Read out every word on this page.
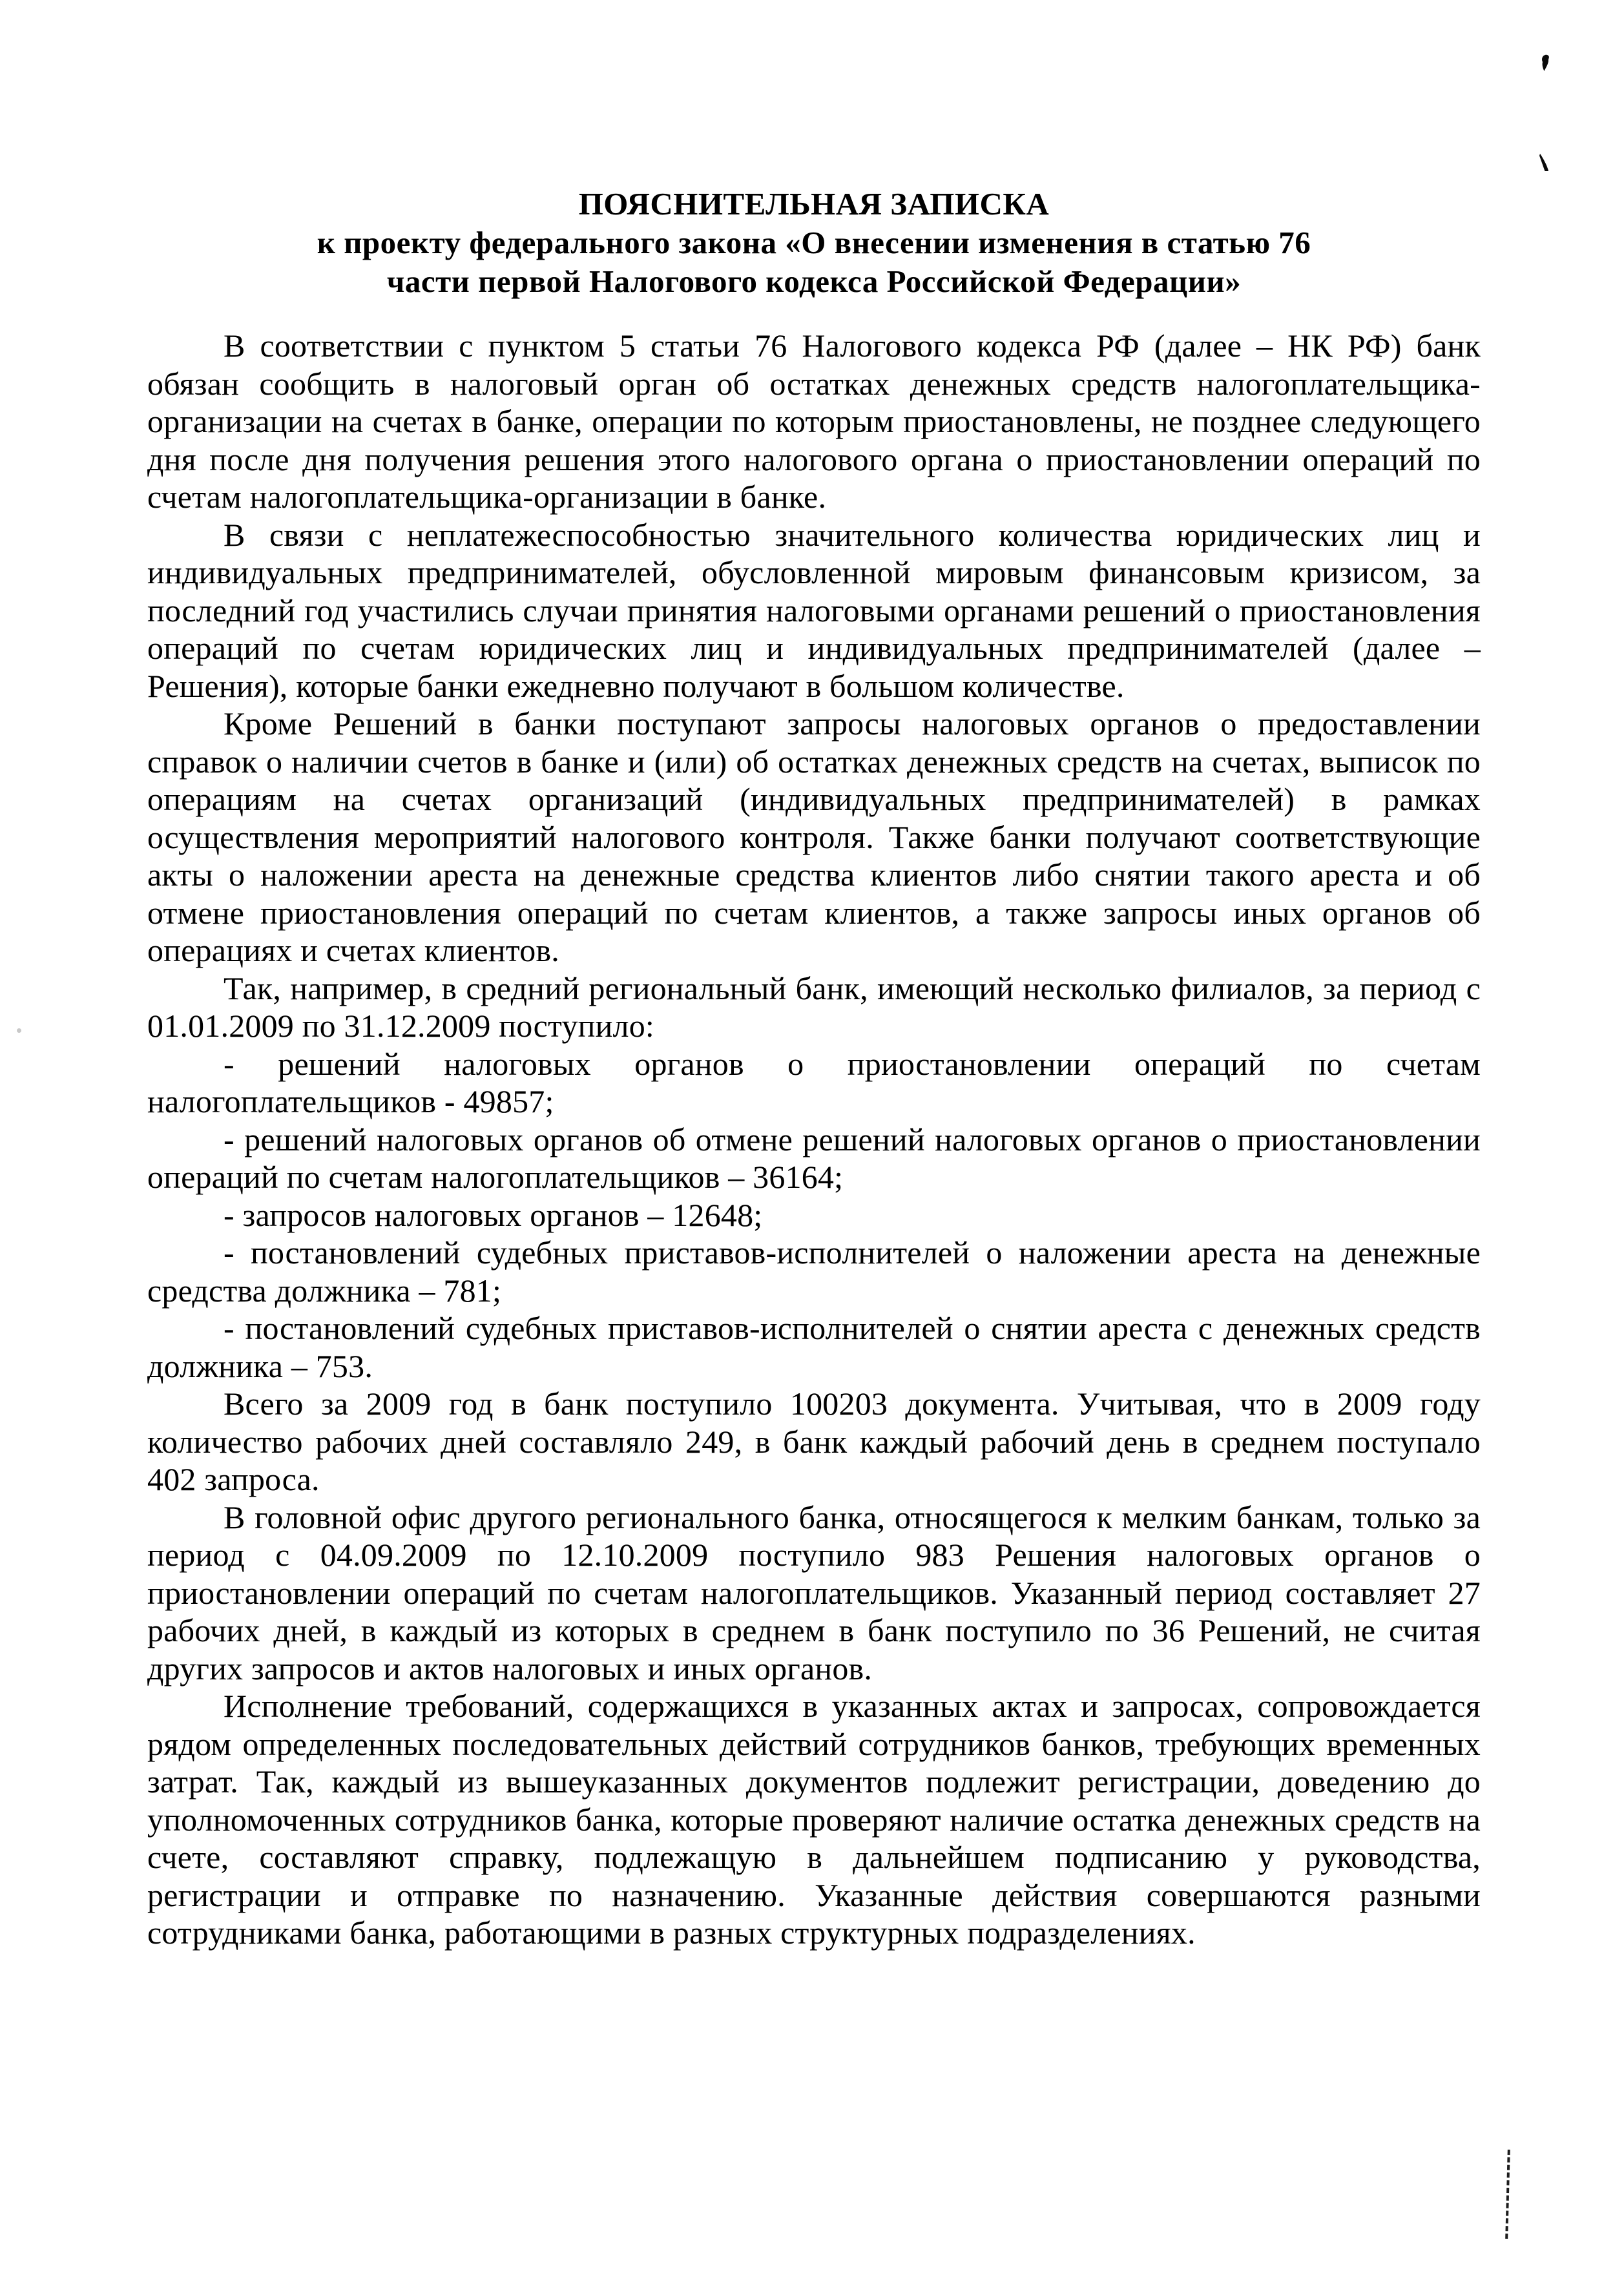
ПОЯСНИТЕЛЬНАЯ ЗАПИСКА
к проекту федерального закона «О внесении изменения в статью 76
части первой Налогового кодекса Российской Федерации»

В соответствии с пунктом 5 статьи 76 Налогового кодекса РФ (далее – НК РФ) банк обязан сообщить в налоговый орган об остатках денежных средств налогоплательщика-организации на счетах в банке, операции по которым приостановлены, не позднее следующего дня после дня получения решения этого налогового органа о приостановлении операций по счетам налогоплательщика-организации в банке.

В связи с неплатежеспособностью значительного количества юридических лиц и индивидуальных предпринимателей, обусловленной мировым финансовым кризисом, за последний год участились случаи принятия налоговыми органами решений о приостановления операций по счетам юридических лиц и индивидуальных предпринимателей (далее – Решения), которые банки ежедневно получают в большом количестве.

Кроме Решений в банки поступают запросы налоговых органов о предоставлении справок о наличии счетов в банке и (или) об остатках денежных средств на счетах, выписок по операциям на счетах организаций (индивидуальных предпринимателей) в рамках осуществления мероприятий налогового контроля. Также банки получают соответствующие акты о наложении ареста на денежные средства клиентов либо снятии такого ареста и об отмене приостановления операций по счетам клиентов, а также запросы иных органов об операциях и счетах клиентов.

Так, например, в средний региональный банк, имеющий несколько филиалов, за период с 01.01.2009 по 31.12.2009 поступило:

- решений налоговых органов о приостановлении операций по счетам налогоплательщиков - 49857;

- решений налоговых органов об отмене решений налоговых органов о приостановлении операций по счетам налогоплательщиков – 36164;

- запросов налоговых органов – 12648;

- постановлений судебных приставов-исполнителей о наложении ареста на денежные средства должника – 781;

- постановлений судебных приставов-исполнителей о снятии ареста с денежных средств должника – 753.

Всего за 2009 год в банк поступило 100203 документа. Учитывая, что в 2009 году количество рабочих дней составляло 249, в банк каждый рабочий день в среднем поступало 402 запроса.

В головной офис другого регионального банка, относящегося к мелким банкам, только за период с 04.09.2009 по 12.10.2009 поступило 983 Решения налоговых органов о приостановлении операций по счетам налогоплательщиков. Указанный период составляет 27 рабочих дней, в каждый из которых в среднем в банк поступило по 36 Решений, не считая других запросов и актов налоговых и иных органов.

Исполнение требований, содержащихся в указанных актах и запросах, сопровождается рядом определенных последовательных действий сотрудников банков, требующих временных затрат. Так, каждый из вышеуказанных документов подлежит регистрации, доведению до уполномоченных сотрудников банка, которые проверяют наличие остатка денежных средств на счете, составляют справку, подлежащую в дальнейшем подписанию у руководства, регистрации и отправке по назначению. Указанные действия совершаются разными сотрудниками банка, работающими в разных структурных подразделениях.
